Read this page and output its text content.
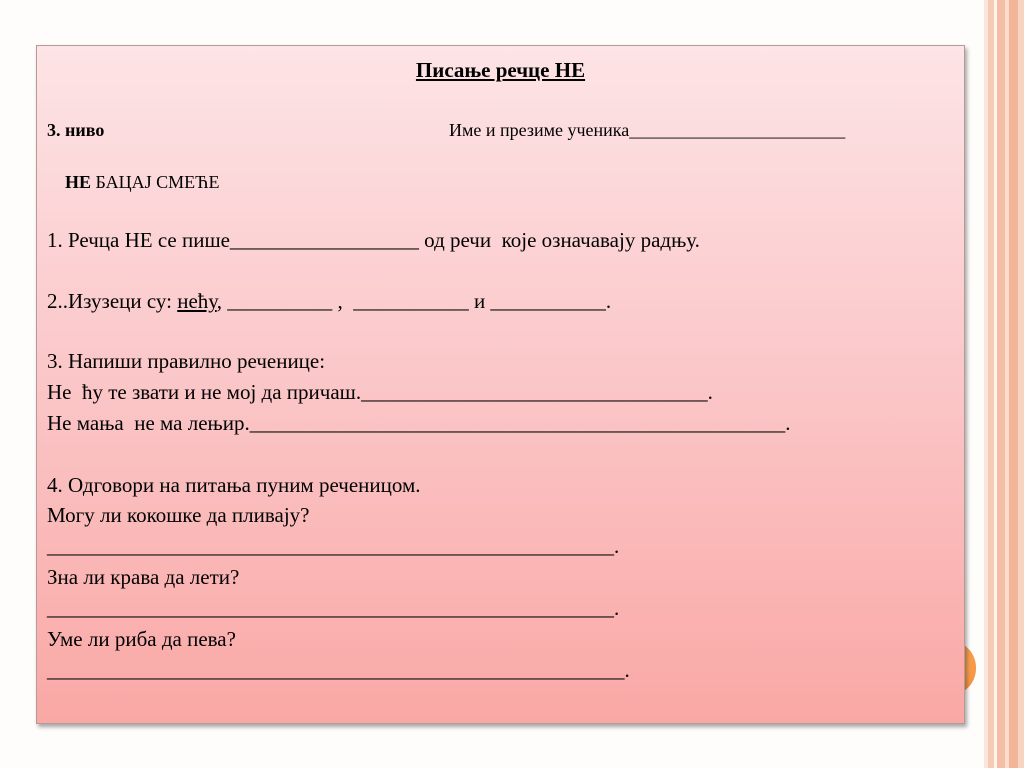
Писање речце НЕ
3. ниво	Име и презиме ученика________________________
НЕ БАЦАЈ СМЕЋЕ
1. Речца НЕ се пише__________________ од речи  које означавају радњу.
2..Изузеци су: нећу, __________ ,  ___________ и ___________.
3. Напиши правилно реченице:
Не  ћу те звати и не мој да причаш._________________________________.
Не мања  не ма лењир.___________________________________________________.
4. Одговори на питања пуним реченицом.
Могу ли кокошке да пливају?
______________________________________________________.
Зна ли крава да лети?
______________________________________________________.
Уме ли риба да пева?
_______________________________________________________.
